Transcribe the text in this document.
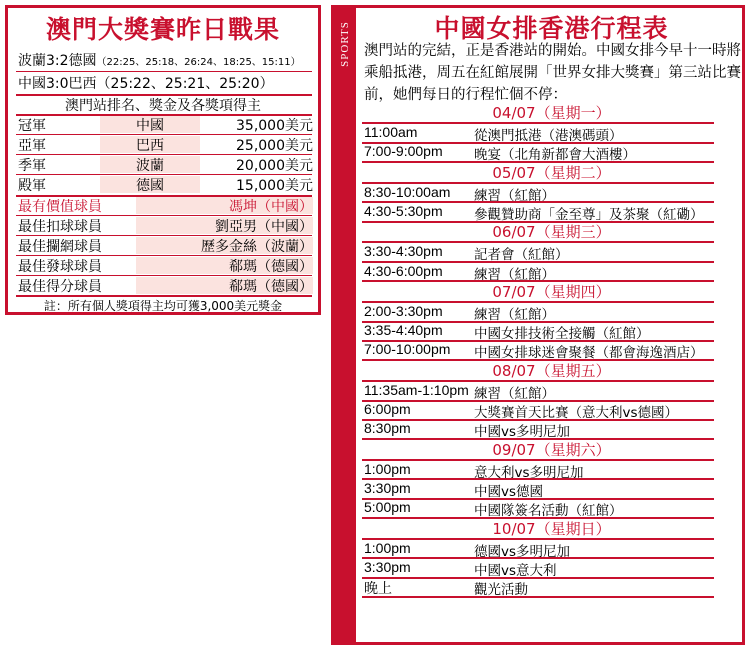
澳門大獎賽昨日戰果
波蘭3:2德國（22:25、25:18、26:24、18:25、15:11）
中國3:0巴西（25:22、25:21、25:20）
澳門站排名、獎金及各獎項得主
冠軍	中國	35,000美元
亞軍	巴西	25,000美元
季軍	波蘭	20,000美元
殿軍	德國	15,000美元
最有價值球員	馮坤（中國）
最佳扣球球員	劉亞男（中國）
最佳攔網球員	歷多金絲（波蘭）
最佳發球球員	郗瑪（德國）
最佳得分球員	郗瑪（德國）
註：所有個人獎項得主均可獲3,000美元獎金
SPORTS	中國女排香港行程表
澳門站的完結，正是香港站的開始。中國女排今早十一時將乘船抵港，周五在紅館展開「世界女排大獎賽」第三站比賽前，她們每日的行程忙個不停：
04/07（星期一）
11:00am	從澳門抵港（港澳碼頭）
7:00-9:00pm 晚宴（北角新都會大酒樓）
05/07（星期二）
8:30-10:00am 練習（紅館）
4:30-5:30pm 參觀贊助商「金至尊」及茶聚（紅磡）
06/07（星期三）
3:30-4:30pm 記者會（紅館）
4:30-6:00pm 練習（紅館）
07/07（星期四）
2:00-3:30pm 練習（紅館）
3:35-4:40pm 中國女排技術全接觸（紅館）
7:00-10:00pm 中國女排球迷會聚餐（都會海逸酒店）
08/07（星期五）
11:35am-1:10pm 練習（紅館）
6:00pm	大獎賽首天比賽（意大利vs德國）
8:30pm	中國vs多明尼加
09/07（星期六）
1:00pm	意大利vs多明尼加
3:30pm	中國vs德國
5:00pm	中國隊簽名活動（紅館）
10/07（星期日）
1:00pm	德國vs多明尼加
3:30pm	中國vs意大利
晚上	觀光活動
